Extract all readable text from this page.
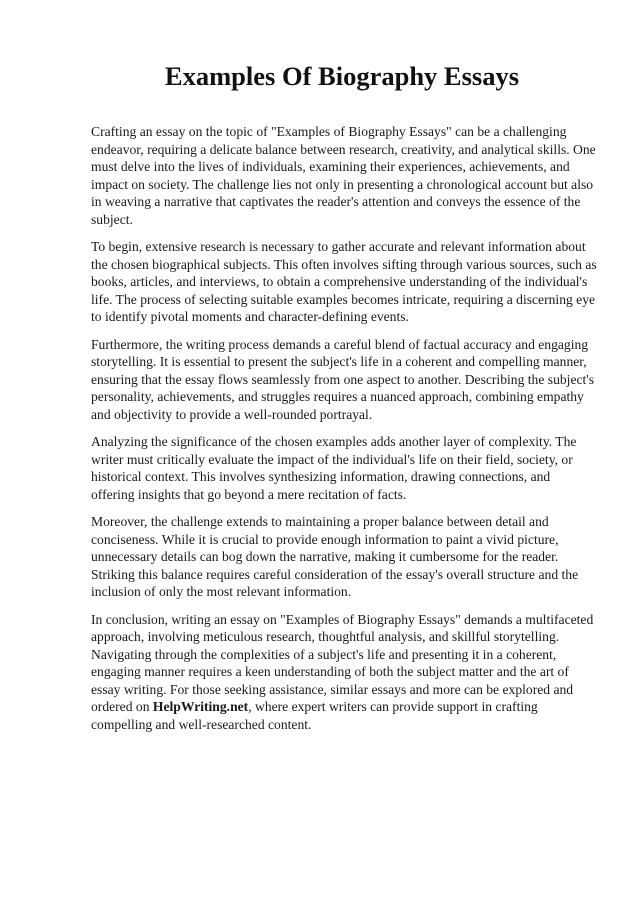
Examples Of Biography Essays

Crafting an essay on the topic of "Examples of Biography Essays" can be a challenging endeavor, requiring a delicate balance between research, creativity, and analytical skills. One must delve into the lives of individuals, examining their experiences, achievements, and impact on society. The challenge lies not only in presenting a chronological account but also in weaving a narrative that captivates the reader's attention and conveys the essence of the subject.

To begin, extensive research is necessary to gather accurate and relevant information about the chosen biographical subjects. This often involves sifting through various sources, such as books, articles, and interviews, to obtain a comprehensive understanding of the individual's life. The process of selecting suitable examples becomes intricate, requiring a discerning eye to identify pivotal moments and character-defining events.

Furthermore, the writing process demands a careful blend of factual accuracy and engaging storytelling. It is essential to present the subject's life in a coherent and compelling manner, ensuring that the essay flows seamlessly from one aspect to another. Describing the subject's personality, achievements, and struggles requires a nuanced approach, combining empathy and objectivity to provide a well-rounded portrayal.

Analyzing the significance of the chosen examples adds another layer of complexity. The writer must critically evaluate the impact of the individual's life on their field, society, or historical context. This involves synthesizing information, drawing connections, and offering insights that go beyond a mere recitation of facts.

Moreover, the challenge extends to maintaining a proper balance between detail and conciseness. While it is crucial to provide enough information to paint a vivid picture, unnecessary details can bog down the narrative, making it cumbersome for the reader. Striking this balance requires careful consideration of the essay's overall structure and the inclusion of only the most relevant information.

In conclusion, writing an essay on "Examples of Biography Essays" demands a multifaceted approach, involving meticulous research, thoughtful analysis, and skillful storytelling. Navigating through the complexities of a subject's life and presenting it in a coherent, engaging manner requires a keen understanding of both the subject matter and the art of essay writing. For those seeking assistance, similar essays and more can be explored and ordered on HelpWriting.net, where expert writers can provide support in crafting compelling and well-researched content.
